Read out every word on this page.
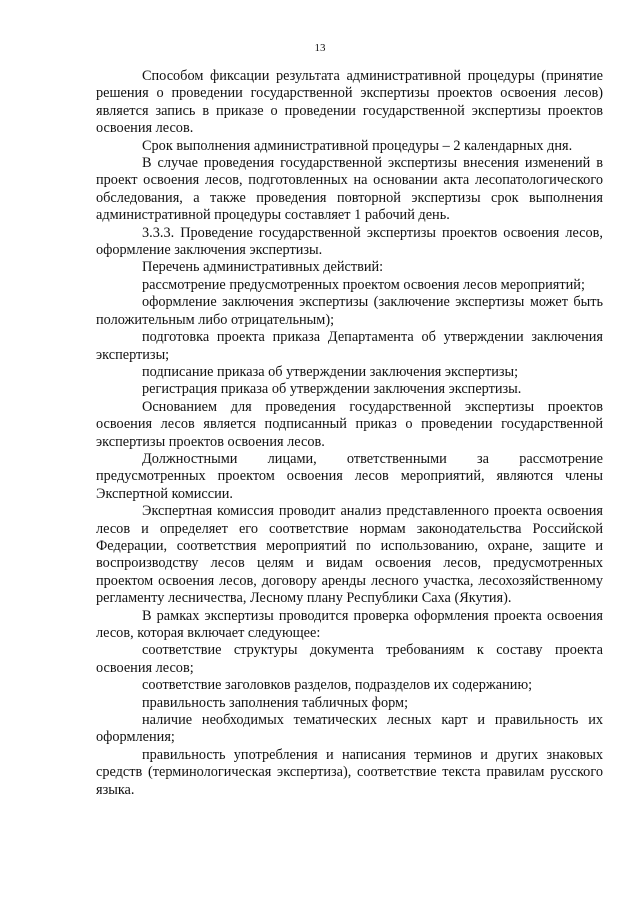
13

Способом фиксации результата административной процедуры (принятие решения о проведении государственной экспертизы проектов освоения лесов) является запись в приказе о проведении государственной экспертизы проектов освоения лесов.

Срок выполнения административной процедуры – 2 календарных дня.

В случае проведения государственной экспертизы внесения изменений в проект освоения лесов, подготовленных на основании акта лесопатологического обследования, а также проведения повторной экспертизы срок выполнения административной процедуры составляет 1 рабочий день.

3.3.3. Проведение государственной экспертизы проектов освоения лесов, оформление заключения экспертизы.

Перечень административных действий:

рассмотрение предусмотренных проектом освоения лесов мероприятий;

оформление заключения экспертизы (заключение экспертизы может быть положительным либо отрицательным);

подготовка проекта приказа Департамента об утверждении заключения экспертизы;

подписание приказа об утверждении заключения экспертизы;

регистрация приказа об утверждении заключения экспертизы.

Основанием для проведения государственной экспертизы проектов освоения лесов является подписанный приказ о проведении государственной экспертизы проектов освоения лесов.

Должностными лицами, ответственными за рассмотрение предусмотренных проектом освоения лесов мероприятий, являются члены Экспертной комиссии.

Экспертная комиссия проводит анализ представленного проекта освоения лесов и определяет его соответствие нормам законодательства Российской Федерации, соответствия мероприятий по использованию, охране, защите и воспроизводству лесов целям и видам освоения лесов, предусмотренных проектом освоения лесов, договору аренды лесного участка, лесохозяйственному регламенту лесничества, Лесному плану Республики Саха (Якутия).

В рамках экспертизы проводится проверка оформления проекта освоения лесов, которая включает следующее:

соответствие структуры документа требованиям к составу проекта освоения лесов;

соответствие заголовков разделов, подразделов их содержанию;

правильность заполнения табличных форм;

наличие необходимых тематических лесных карт и правильность их оформления;

правильность употребления и написания терминов и других знаковых средств (терминологическая экспертиза), соответствие текста правилам русского языка.
